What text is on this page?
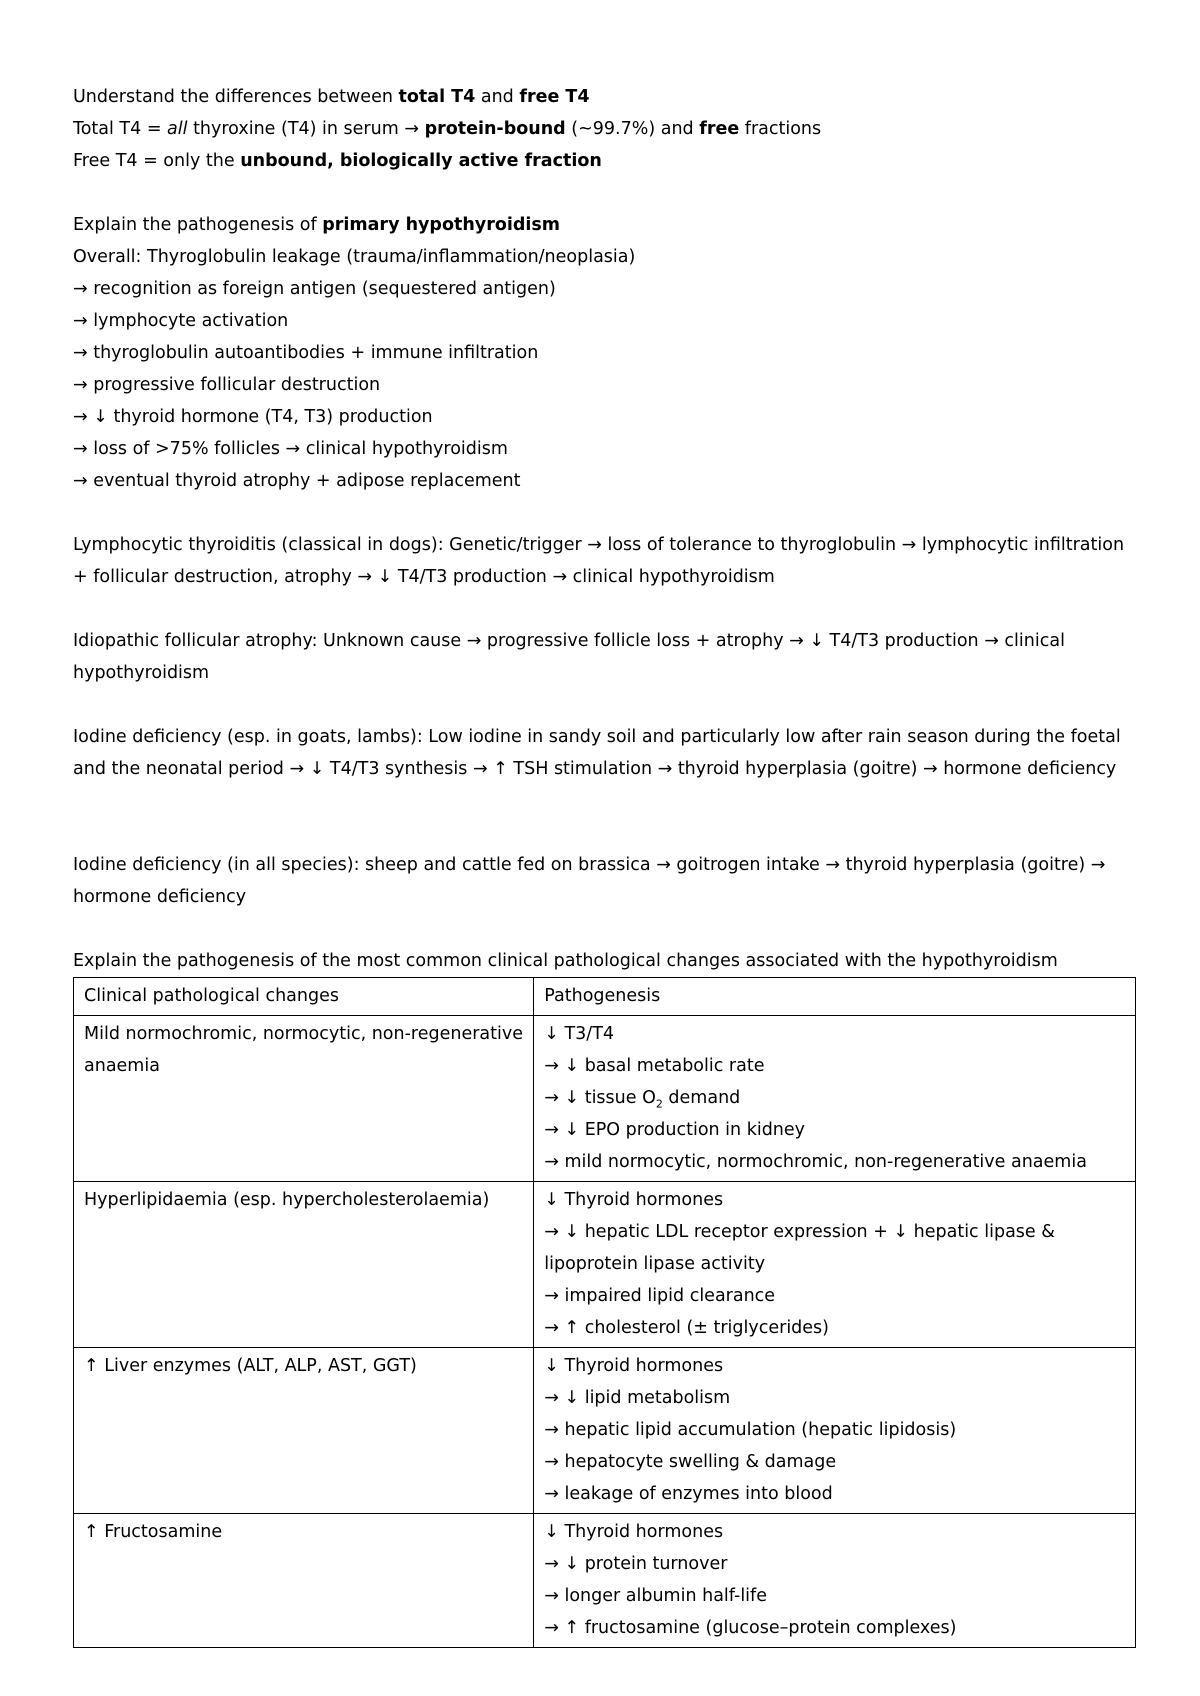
Understand the differences between total T4 and free T4
Total T4 = all thyroxine (T4) in serum → protein-bound (~99.7%) and free fractions
Free T4 = only the unbound, biologically active fraction
Explain the pathogenesis of primary hypothyroidism
Overall: Thyroglobulin leakage (trauma/inflammation/neoplasia)
→ recognition as foreign antigen (sequestered antigen)
→ lymphocyte activation
→ thyroglobulin autoantibodies + immune infiltration
→ progressive follicular destruction
→ ↓ thyroid hormone (T4, T3) production
→ loss of >75% follicles → clinical hypothyroidism
→ eventual thyroid atrophy + adipose replacement
Lymphocytic thyroiditis (classical in dogs): Genetic/trigger → loss of tolerance to thyroglobulin → lymphocytic infiltration + follicular destruction, atrophy → ↓ T4/T3 production → clinical hypothyroidism
Idiopathic follicular atrophy: Unknown cause → progressive follicle loss + atrophy → ↓ T4/T3 production → clinical hypothyroidism
Iodine deficiency (esp. in goats, lambs): Low iodine in sandy soil and particularly low after rain season during the foetal and the neonatal period → ↓ T4/T3 synthesis → ↑ TSH stimulation → thyroid hyperplasia (goitre) → hormone deficiency
Iodine deficiency (in all species): sheep and cattle fed on brassica → goitrogen intake → thyroid hyperplasia (goitre) → hormone deficiency
Explain the pathogenesis of the most common clinical pathological changes associated with the hypothyroidism
Clinical pathological changes	Pathogenesis

Mild normochromic, normocytic, non-regenerative anaemia	↓ T3/T4
→ ↓ basal metabolic rate
→ ↓ tissue $O_2$ demand
→ ↓ EPO production in kidney
→ mild normocytic, normochromic, non-regenerative anaemia

Hyperlipidaemia (esp. hypercholesterolaemia)	↓ Thyroid hormones
→ ↓ hepatic LDL receptor expression + ↓ hepatic lipase & lipoprotein lipase activity
→ impaired lipid clearance
→ ↑ cholesterol (± triglycerides)

↑ Liver enzymes (ALT, ALP, AST, GGT)	↓ Thyroid hormones
→ ↓ lipid metabolism
→ hepatic lipid accumulation (hepatic lipidosis)
→ hepatocyte swelling & damage
→ leakage of enzymes into blood

↑ Fructosamine	↓ Thyroid hormones
→ ↓ protein turnover
→ longer albumin half-life
→ ↑ fructosamine (glucose–protein complexes)
